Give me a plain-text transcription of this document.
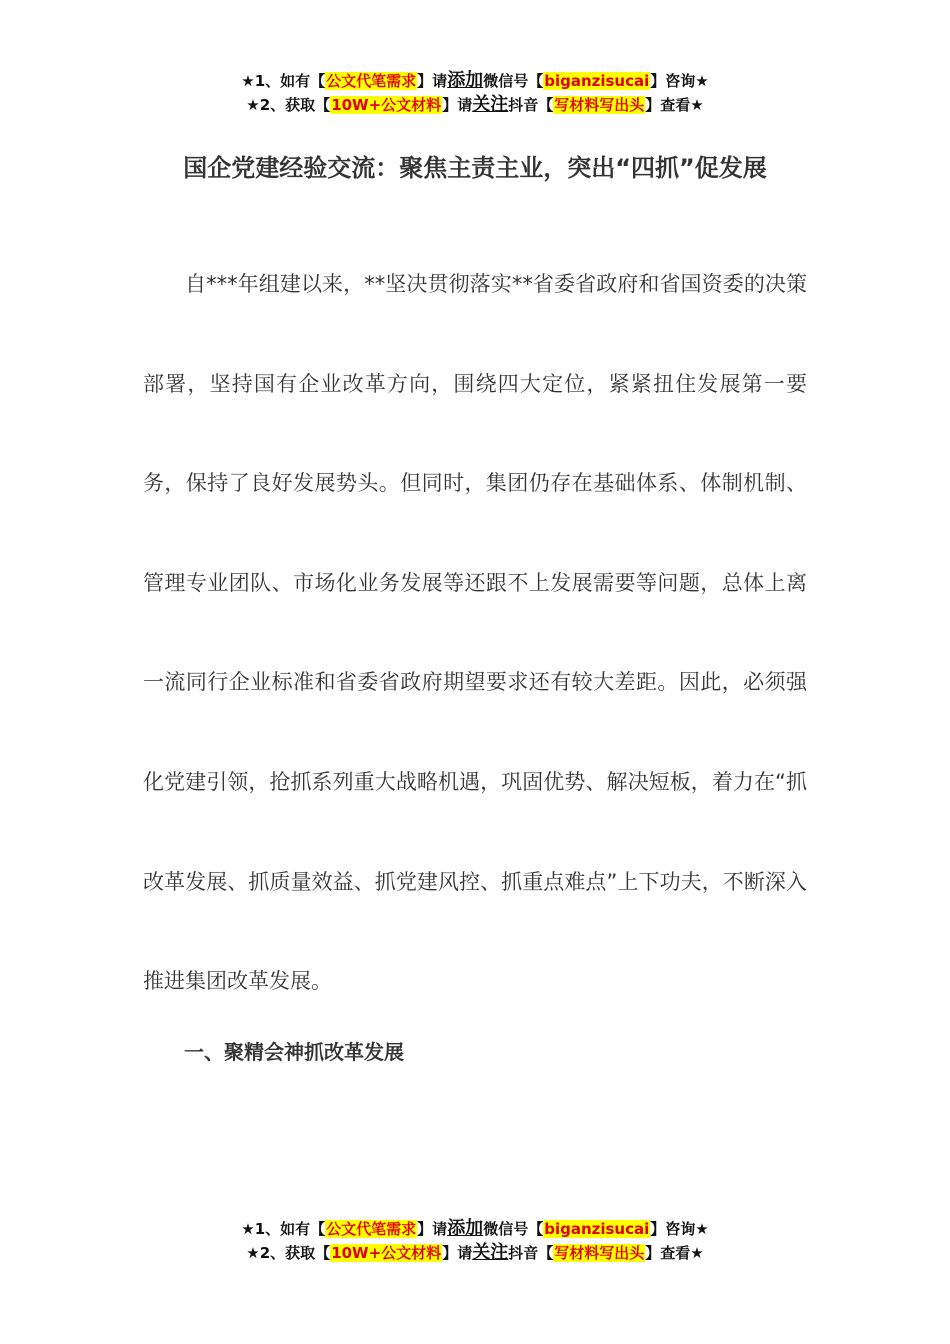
★1、如有【公文代笔需求】请添加微信号【biganzisucai】咨询★
★2、获取【10W+公文材料】请关注抖音【写材料写出头】查看★
国企党建经验交流：聚焦主责主业，突出“四抓”促发展

自***年组建以来，**坚决贯彻落实**省委省政府和省国资委的决策部署，坚持国有企业改革方向，围绕四大定位，紧紧扭住发展第一要务，保持了良好发展势头。但同时，集团仍存在基础体系、体制机制、管理专业团队、市场化业务发展等还跟不上发展需要等问题，总体上离一流同行企业标准和省委省政府期望要求还有较大差距。因此，必须强化党建引领，抢抓系列重大战略机遇，巩固优势、解决短板，着力在“抓改革发展、抓质量效益、抓党建风控、抓重点难点”上下功夫，不断深入推进集团改革发展。

一、聚精会神抓改革发展
★1、如有【公文代笔需求】请添加微信号【biganzisucai】咨询★
★2、获取【10W+公文材料】请关注抖音【写材料写出头】查看★
